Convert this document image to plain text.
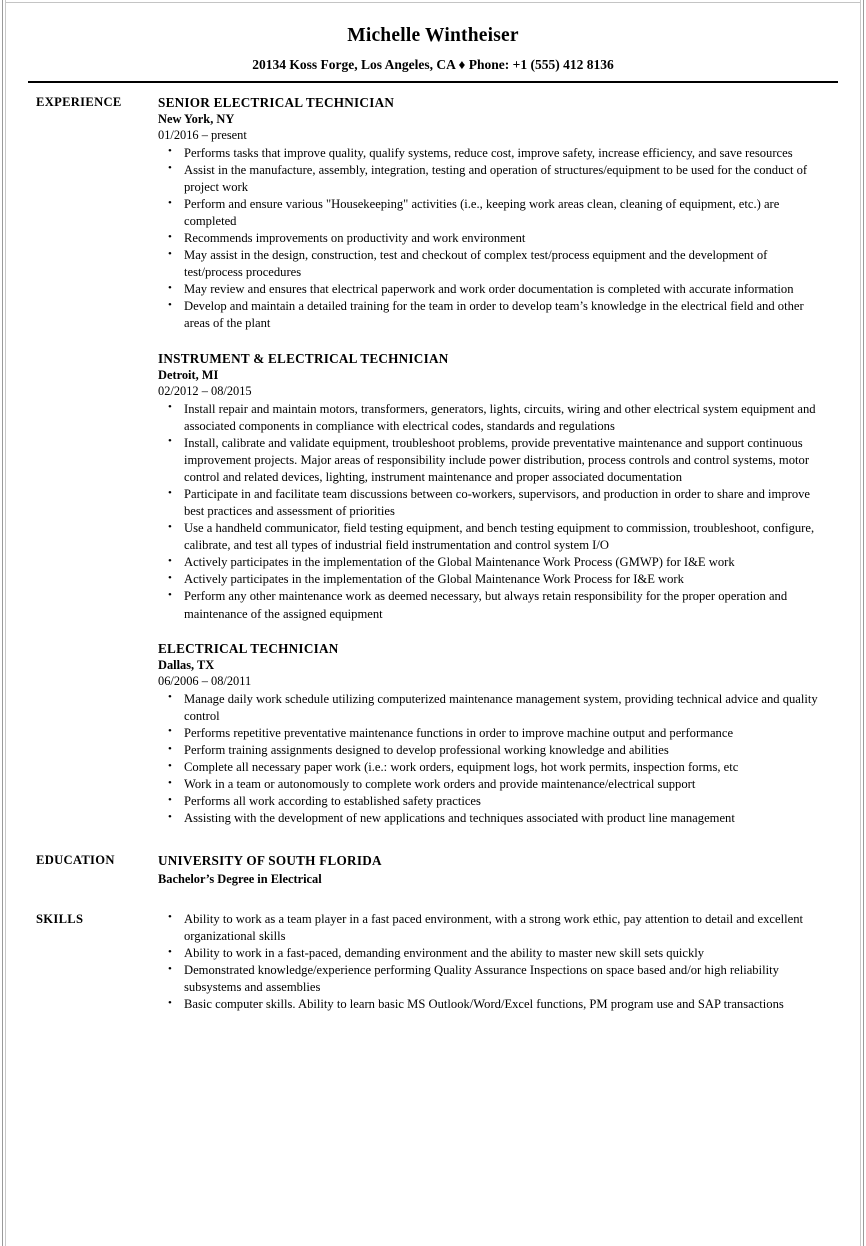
Michelle Wintheiser
20134 Koss Forge, Los Angeles, CA ♦ Phone: +1 (555) 412 8136
EXPERIENCE	SENIOR ELECTRICAL TECHNICIAN
New York, NY
01/2016 – present
• Performs tasks that improve quality, qualify systems, reduce cost, improve safety, increase efficiency, and save resources
• Assist in the manufacture, assembly, integration, testing and operation of structures/equipment to be used for the conduct of project work
• Perform and ensure various "Housekeeping" activities (i.e., keeping work areas clean, cleaning of equipment, etc.) are completed
• Recommends improvements on productivity and work environment
• May assist in the design, construction, test and checkout of complex test/process equipment and the development of test/process procedures
• May review and ensures that electrical paperwork and work order documentation is completed with accurate information
• Develop and maintain a detailed training for the team in order to develop team’s knowledge in the electrical field and other areas of the plant
INSTRUMENT & ELECTRICAL TECHNICIAN
Detroit, MI
02/2012 – 08/2015
• Install repair and maintain motors, transformers, generators, lights, circuits, wiring and other electrical system equipment and associated components in compliance with electrical codes, standards and regulations
• Install, calibrate and validate equipment, troubleshoot problems, provide preventative maintenance and support continuous improvement projects. Major areas of responsibility include power distribution, process controls and control systems, motor control and related devices, lighting, instrument maintenance and proper associated documentation
• Participate in and facilitate team discussions between co-workers, supervisors, and production in order to share and improve best practices and assessment of priorities
• Use a handheld communicator, field testing equipment, and bench testing equipment to commission, troubleshoot, configure, calibrate, and test all types of industrial field instrumentation and control system I/O
• Actively participates in the implementation of the Global Maintenance Work Process (GMWP) for I&E work
• Actively participates in the implementation of the Global Maintenance Work Process for I&E work
• Perform any other maintenance work as deemed necessary, but always retain responsibility for the proper operation and maintenance of the assigned equipment
ELECTRICAL TECHNICIAN
Dallas, TX
06/2006 – 08/2011
• Manage daily work schedule utilizing computerized maintenance management system, providing technical advice and quality control
• Performs repetitive preventative maintenance functions in order to improve machine output and performance
• Perform training assignments designed to develop professional working knowledge and abilities
• Complete all necessary paper work (i.e.: work orders, equipment logs, hot work permits, inspection forms, etc
• Work in a team or autonomously to complete work orders and provide maintenance/electrical support
• Performs all work according to established safety practices
• Assisting with the development of new applications and techniques associated with product line management
EDUCATION	UNIVERSITY OF SOUTH FLORIDA
Bachelor’s Degree in Electrical
SKILLS	• Ability to work as a team player in a fast paced environment, with a strong work ethic, pay attention to detail and excellent organizational skills
• Ability to work in a fast-paced, demanding environment and the ability to master new skill sets quickly
• Demonstrated knowledge/experience performing Quality Assurance Inspections on space based and/or high reliability subsystems and assemblies
• Basic computer skills. Ability to learn basic MS Outlook/Word/Excel functions, PM program use and SAP transactions
